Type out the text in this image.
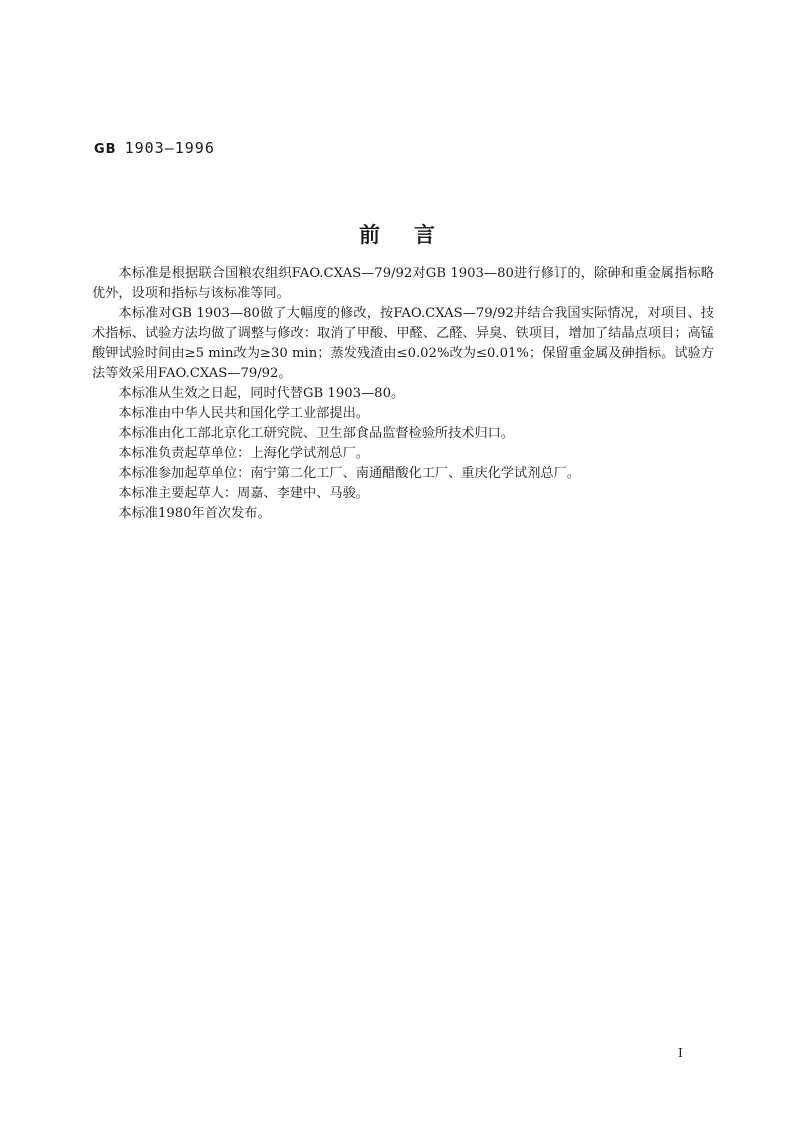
GB 1903—1996
前言

本标准是根据联合国粮农组织FAO.CXAS—79/92对GB 1903—80进行修订的，除砷和重金属指标略优外，设项和指标与该标准等同。

本标准对GB 1903—80做了大幅度的修改，按FAO.CXAS—79/92并结合我国实际情况，对项目、技术指标、试验方法均做了调整与修改：取消了甲酸、甲醛、乙醛、异臭、铁项目，增加了结晶点项目；高锰酸钾试验时间由≥5 min改为≥30 min；蒸发残渣由≤0.02%改为≤0.01%；保留重金属及砷指标。试验方法等效采用FAO.CXAS—79/92。

本标准从生效之日起，同时代替GB 1903—80。

本标准由中华人民共和国化学工业部提出。

本标准由化工部北京化工研究院、卫生部食品监督检验所技术归口。

本标准负责起草单位：上海化学试剂总厂。

本标准参加起草单位：南宁第二化工厂、南通醋酸化工厂、重庆化学试剂总厂。

本标准主要起草人：周嘉、李建中、马骏。

本标准1980年首次发布。

I
